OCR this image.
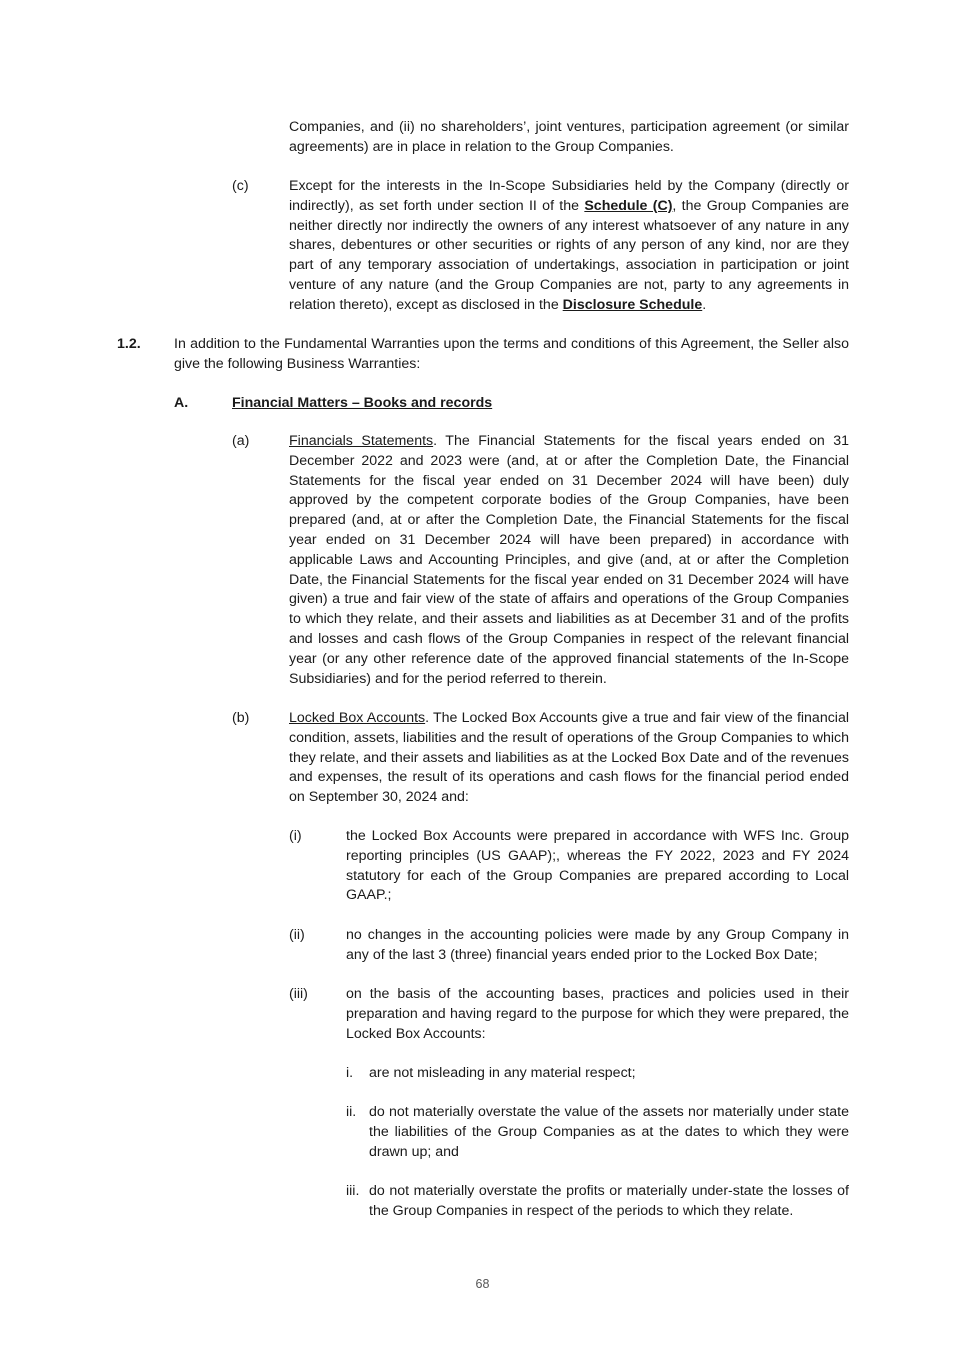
Companies, and (ii) no shareholders’, joint ventures, participation agreement (or similar agreements) are in place in relation to the Group Companies.
(c)	Except for the interests in the In-Scope Subsidiaries held by the Company (directly or indirectly), as set forth under section II of the Schedule (C), the Group Companies are neither directly nor indirectly the owners of any interest whatsoever of any nature in any shares, debentures or other securities or rights of any person of any kind, nor are they part of any temporary association of undertakings, association in participation or joint venture of any nature (and the Group Companies are not, party to any agreements in relation thereto), except as disclosed in the Disclosure Schedule.
1.2. In addition to the Fundamental Warranties upon the terms and conditions of this Agreement, the Seller also give the following Business Warranties:
A.	Financial Matters – Books and records
(a)	Financials Statements. The Financial Statements for the fiscal years ended on 31 December 2022 and 2023 were (and, at or after the Completion Date, the Financial Statements for the fiscal year ended on 31 December 2024 will have been) duly approved by the competent corporate bodies of the Group Companies, have been prepared (and, at or after the Completion Date, the Financial Statements for the fiscal year ended on 31 December 2024 will have been prepared) in accordance with applicable Laws and Accounting Principles, and give (and, at or after the Completion Date, the Financial Statements for the fiscal year ended on 31 December 2024 will have given) a true and fair view of the state of affairs and operations of the Group Companies to which they relate, and their assets and liabilities as at December 31 and of the profits and losses and cash flows of the Group Companies in respect of the relevant financial year (or any other reference date of the approved financial statements of the In-Scope Subsidiaries) and for the period referred to therein.
(b)	Locked Box Accounts. The Locked Box Accounts give a true and fair view of the financial condition, assets, liabilities and the result of operations of the Group Companies to which they relate, and their assets and liabilities as at the Locked Box Date and of the revenues and expenses, the result of its operations and cash flows for the financial period ended on September 30, 2024 and:
(i)	the Locked Box Accounts were prepared in accordance with WFS Inc. Group reporting principles (US GAAP);, whereas the FY 2022, 2023 and FY 2024 statutory for each of the Group Companies are prepared according to Local GAAP.;
(ii)	no changes in the accounting policies were made by any Group Company in any of the last 3 (three) financial years ended prior to the Locked Box Date;
(iii)	on the basis of the accounting bases, practices and policies used in their preparation and having regard to the purpose for which they were prepared, the Locked Box Accounts:
i. are not misleading in any material respect;
ii. do not materially overstate the value of the assets nor materially under state the liabilities of the Group Companies as at the dates to which they were drawn up; and
iii. do not materially overstate the profits or materially under-state the losses of the Group Companies in respect of the periods to which they relate.
68
